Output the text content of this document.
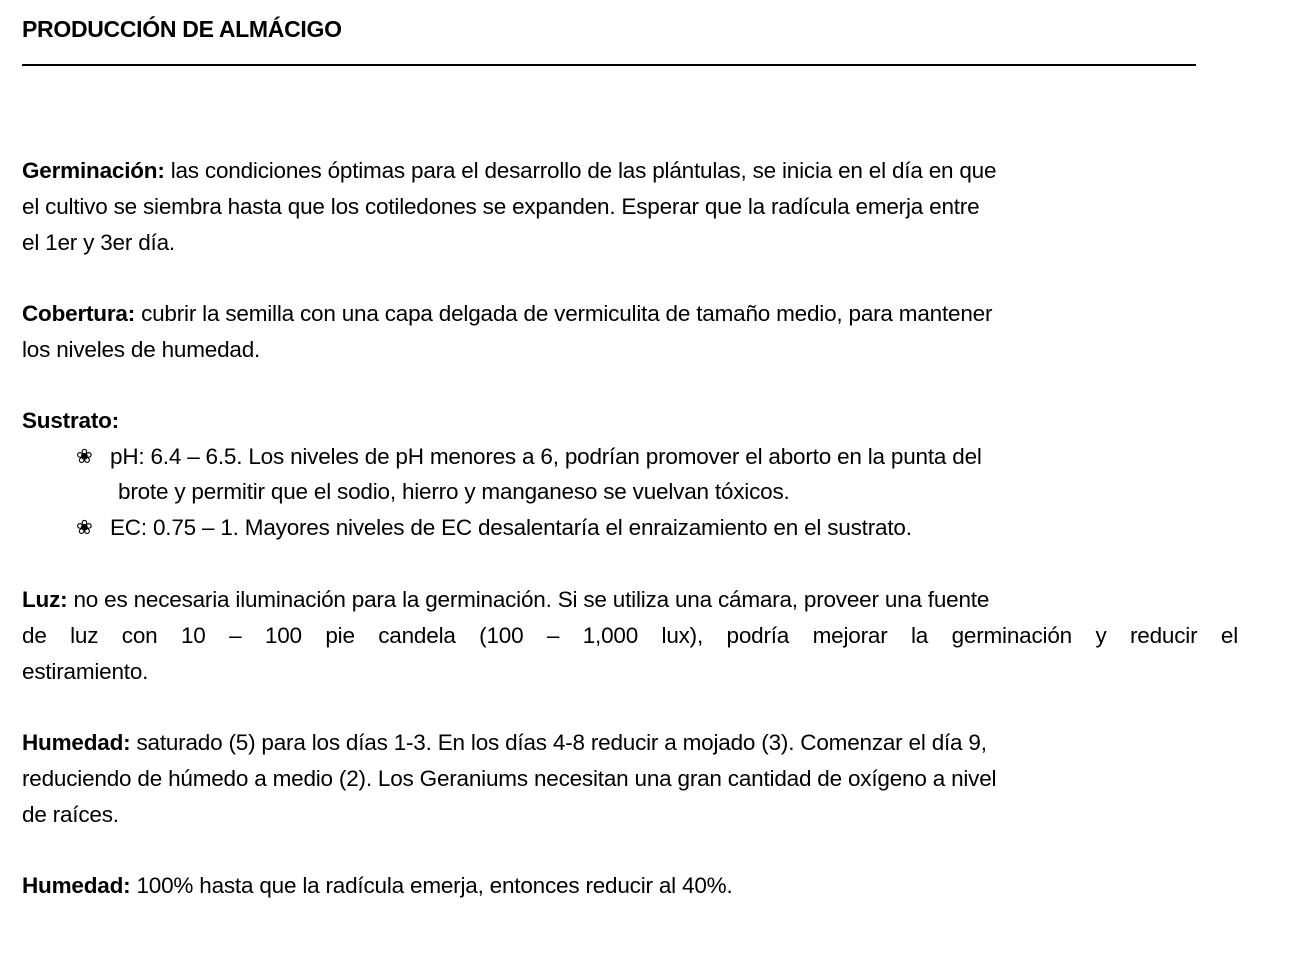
PRODUCCIÓN DE ALMÁCIGO
Germinación: las condiciones óptimas para el desarrollo de las plántulas, se inicia en el día en que
el cultivo se siembra hasta que los cotiledones se expanden. Esperar que la radícula emerja entre
el 1er y 3er día.
Cobertura: cubrir la semilla con una capa delgada de vermiculita de tamaño medio, para mantener
los niveles de humedad.
Sustrato:
❀ pH: 6.4 – 6.5. Los niveles de pH menores a 6, podrían promover el aborto en la punta del
brote y permitir que el sodio, hierro y manganeso se vuelvan tóxicos.
❀ EC: 0.75 – 1. Mayores niveles de EC desalentaría el enraizamiento en el sustrato.
Luz: no es necesaria iluminación para la germinación. Si se utiliza una cámara, proveer una fuente
de luz con 10 – 100 pie candela (100 – 1,000 lux), podría mejorar la germinación y reducir el
estiramiento.
Humedad: saturado (5) para los días 1-3. En los días 4-8 reducir a mojado (3). Comenzar el día 9,
reduciendo de húmedo a medio (2). Los Geraniums necesitan una gran cantidad de oxígeno a nivel
de raíces.
Humedad: 100% hasta que la radícula emerja, entonces reducir al 40%.
